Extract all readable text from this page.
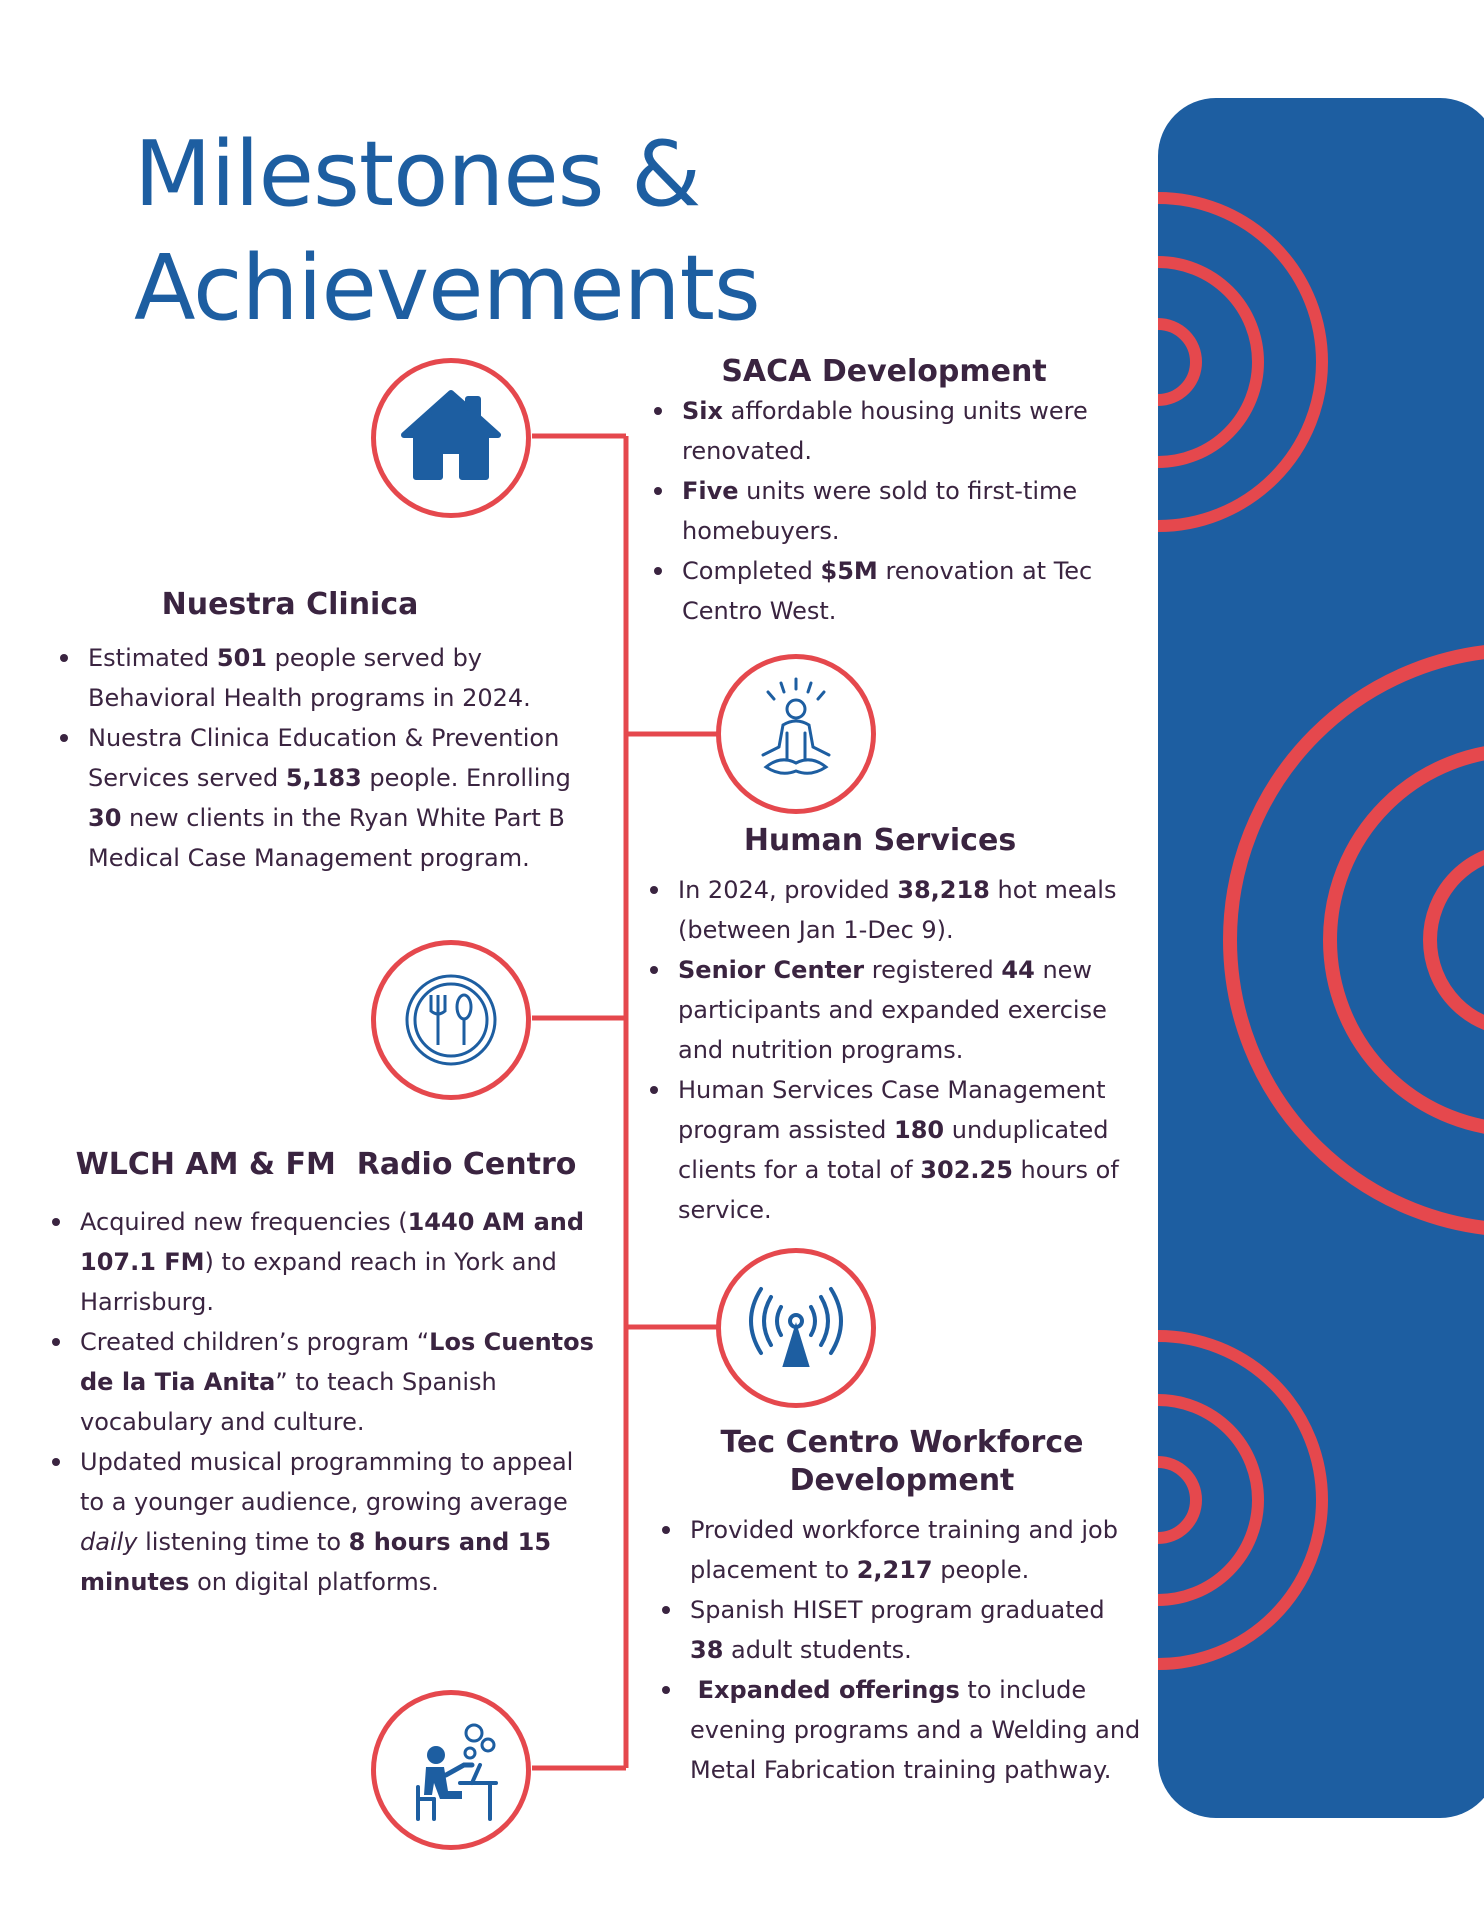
Milestones &
Achievements
SACA Development
Six affordable housing units were renovated.
Five units were sold to first-time homebuyers.
Completed $5M renovation at Tec Centro West.
Nuestra Clinica
Estimated 501 people served by Behavioral Health programs in 2024.
Nuestra Clinica Education & Prevention Services served 5,183 people. Enrolling 30 new clients in the Ryan White Part B Medical Case Management program.	Human Services
In 2024, provided 38,218 hot meals (between Jan 1-Dec 9).
Senior Center registered 44 new participants and expanded exercise and nutrition programs.
Human Services Case Management program assisted 180 unduplicated clients for a total of 302.25 hours of service.
WLCH AM & FM  Radio Centro
Acquired new frequencies (1440 AM and 107.1 FM) to expand reach in York and Harrisburg.
Created children’s program “Los Cuentos de la Tia Anita” to teach Spanish vocabulary and culture.
Updated musical programming to appeal to a younger audience, growing average daily listening time to 8 hours and 15 minutes on digital platforms.
Tec Centro Workforce
Development
Provided workforce training and job placement to 2,217 people.
Spanish HISET program graduated 38 adult students.
Expanded offerings to include evening programs and a Welding and Metal Fabrication training pathway.
